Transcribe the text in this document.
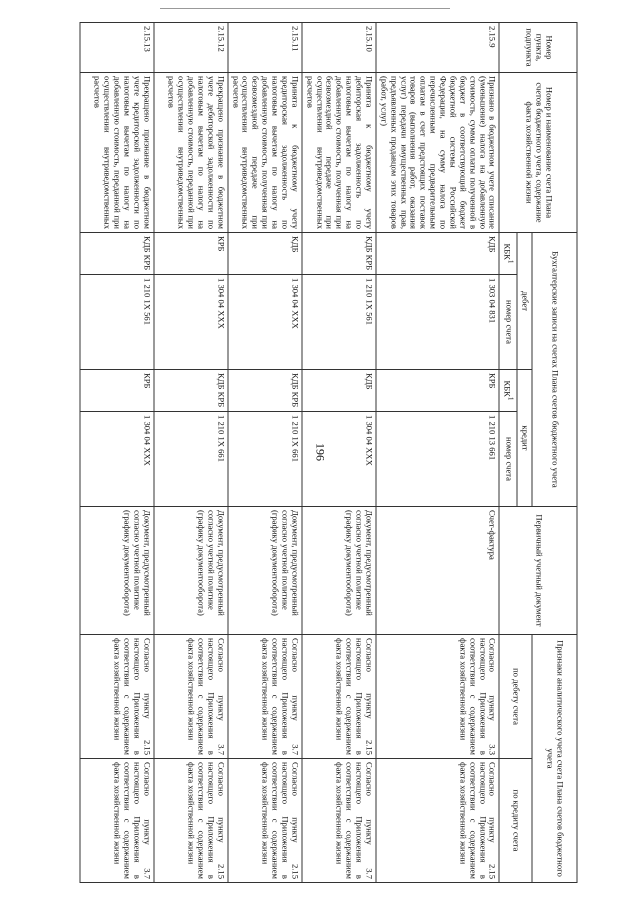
196
Номер пункта, подпункта	Номер и наименование счета Плана счетов бюджетного учета, содержание факта хозяйственной жизни	Бухгалтерские записи на счетах Плана счетов бюджетного учета				Первичный учетный документ	Признаки аналитического учета счета Плана счетов бюджетного учета	
		дебет		кредит			по дебету счета	по кредиту счета
		КБК$^1$	номер счета	КБК$^1$	номер счета			
2.15.9	Признано в бюджетном учете списание (уменьшение) налога на добавленную стоимость, суммы оплаты полученной в бюджет в соответствующий бюджет бюджетной системы Российской Федерации, на сумму налога по перечисленным предварительным оплатам в счет предстоящих поставок товаров (выполнения работ, оказания услуг) передачи имущественных прав, предъявленных продавцом этих товаров (работ, услуг)	КДБ	1 303 04 831	КРБ	1 210 13 661	Счет-фактура	Согласно пункту 3.3 настоящего Приложения в соответствии с содержанием факта хозяйственной жизни	Согласно пункту 2.15 настоящего Приложения в соответствии с содержанием факта хозяйственной жизни
2.15.10	Принята к бюджетному учету дебиторская задолженность по налоговым вычетам по налогу на добавленную стоимость, полученная при безвозмездной передаче при осуществлении внутриведомственных расчетов	КДБ КРБ	1 210 1X 561	КДБ	1 304 04 XXX	Документ, предусмотренный согласно учетной политике (графику документооборота)	Согласно пункту 2.15 настоящего Приложения в соответствии с содержанием факта хозяйственной жизни	Согласно пункту 3.7 настоящего Приложения в соответствии с содержанием факта хозяйственной жизни
2.15.11	Принята к бюджетному учету кредиторская задолженность по налоговым вычетам по налогу на добавленную стоимость, полученная при безвозмездной передаче при осуществлении внутриведомственных расчетов	КДБ	1 304 04 XXX	КДБ КРБ	1 210 1X 661	Документ, предусмотренный согласно учетной политике (графику документооборота)	Согласно пункту 3.7 настоящего Приложения в соответствии с содержанием факта хозяйственной жизни	Согласно пункту 2.15 настоящего Приложения в соответствии с содержанием факта хозяйственной жизни
2.15.12	Прекращено признание в бюджетном учете дебиторской задолженности по налоговым вычетам по налогу на добавленную стоимость, переданной при осуществлении внутриведомственных расчетов	КРБ	1 304 04 XXX	КДБ КРБ	1 210 1X 661	Документ, предусмотренный согласно учетной политике (графику документооборота)	Согласно пункту 3.7 настоящего Приложения в соответствии с содержанием факта хозяйственной жизни	Согласно пункту 2.15 настоящего Приложения в соответствии с содержанием факта хозяйственной жизни
2.15.13	Прекращено признание в бюджетном учете кредиторской задолженности по налоговым вычетам по налогу на добавленную стоимость, переданной при осуществлении внутриведомственных расчетов	КДБ КРБ	1 210 1X 561	КРБ	1 304 04 XXX	Документ, предусмотренный согласно учетной политике (графику документооборота)	Согласно пункту 2.15 настоящего Приложения в соответствии с содержанием факта хозяйственной жизни	Согласно пункту 3.7 настоящего Приложения в соответствии с содержанием факта хозяйственной жизни
